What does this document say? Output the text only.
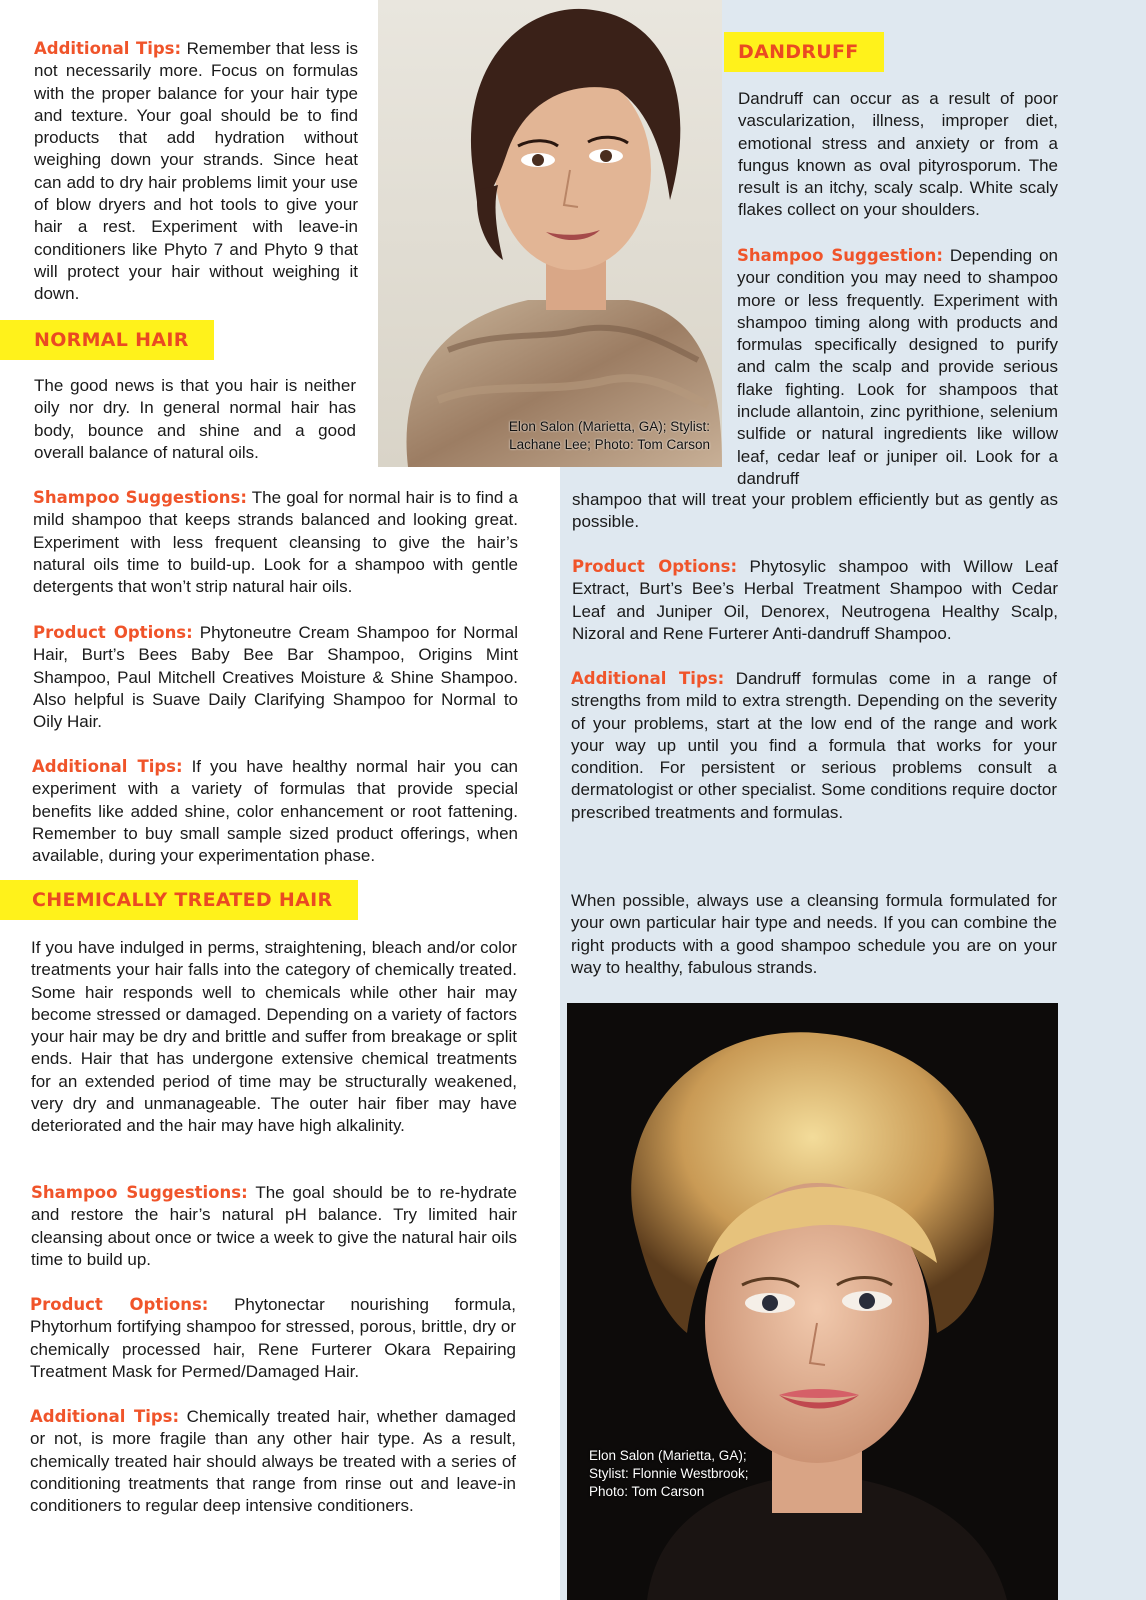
Additional Tips: Remember that less is not necessarily more. Focus on formulas with the proper balance for your hair type and texture. Your goal should be to find products that add hydration without weighing down your strands. Since heat can add to dry hair problems limit your use of blow dryers and hot tools to give your hair a rest. Experiment with leave-in conditioners like Phyto 7 and Phyto 9 that will protect your hair without weighing it down.

NORMAL HAIR

The good news is that you hair is neither oily nor dry. In general normal hair has body, bounce and shine and a good overall balance of natural oils.

Shampoo Suggestions: The goal for normal hair is to find a mild shampoo that keeps strands balanced and looking great. Experiment with less frequent cleansing to give the hair’s natural oils time to build-up. Look for a shampoo with gentle detergents that won’t strip natural hair oils.

Product Options: Phytoneutre Cream Shampoo for Normal Hair, Burt’s Bees Baby Bee Bar Shampoo, Origins Mint Shampoo, Paul Mitchell Creatives Moisture & Shine Shampoo. Also helpful is Suave Daily Clarifying Shampoo for Normal to Oily Hair.

Additional Tips: If you have healthy normal hair you can experiment with a variety of formulas that provide special benefits like added shine, color enhancement or root fattening. Remember to buy small sample sized product offerings, when available, during your experimentation phase.

CHEMICALLY TREATED HAIR

If you have indulged in perms, straightening, bleach and/or color treatments your hair falls into the category of chemically treated. Some hair responds well to chemicals while other hair may become stressed or damaged. Depending on a variety of factors your hair may be dry and brittle and suffer from breakage or split ends. Hair that has undergone extensive chemical treatments for an extended period of time may be structurally weakened, very dry and unmanageable. The outer hair fiber may have deteriorated and the hair may have high alkalinity.

Shampoo Suggestions: The goal should be to re-hydrate and restore the hair’s natural pH balance. Try limited hair cleansing about once or twice a week to give the natural hair oils time to build up.

Product Options: Phytonectar nourishing formula, Phytorhum fortifying shampoo for stressed, porous, brittle, dry or chemically processed hair, Rene Furterer Okara Repairing Treatment Mask for Permed/Damaged Hair.

Additional Tips: Chemically treated hair, whether damaged or not, is more fragile than any other hair type. As a result, chemically treated hair should always be treated with a series of conditioning treatments that range from rinse out and leave-in conditioners to regular deep intensive conditioners.

Elon Salon (Marietta, GA); Stylist:
Lachane Lee; Photo: Tom Carson
DANDRUFF

Dandruff can occur as a result of poor vascularization, illness, improper diet, emotional stress and anxiety or from a fungus known as oval pityrosporum. The result is an itchy, scaly scalp. White scaly flakes collect on your shoulders.

Shampoo Suggestion: Depending on your condition you may need to shampoo more or less frequently. Experiment with shampoo timing along with products and formulas specifically designed to purify and calm the scalp and provide serious flake fighting. Look for shampoos that include allantoin, zinc pyrithione, selenium sulfide or natural ingredients like willow leaf, cedar leaf or juniper oil. Look for a dandruff

shampoo that will treat your problem efficiently but as gently as possible.

Product Options: Phytosylic shampoo with Willow Leaf Extract, Burt’s Bee’s Herbal Treatment Shampoo with Cedar Leaf and Juniper Oil, Denorex, Neutrogena Healthy Scalp, Nizoral and Rene Furterer Anti-dandruff Shampoo.

Additional Tips: Dandruff formulas come in a range of strengths from mild to extra strength. Depending on the severity of your problems, start at the low end of the range and work your way up until you find a formula that works for your condition. For persistent or serious problems consult a dermatologist or other specialist. Some conditions require doctor prescribed treatments and formulas.

When possible, always use a cleansing formula formulated for your own particular hair type and needs. If you can combine the right products with a good shampoo schedule you are on your way to healthy, fabulous strands.

Elon Salon (Marietta, GA);
Stylist: Flonnie Westbrook;
Photo: Tom Carson
